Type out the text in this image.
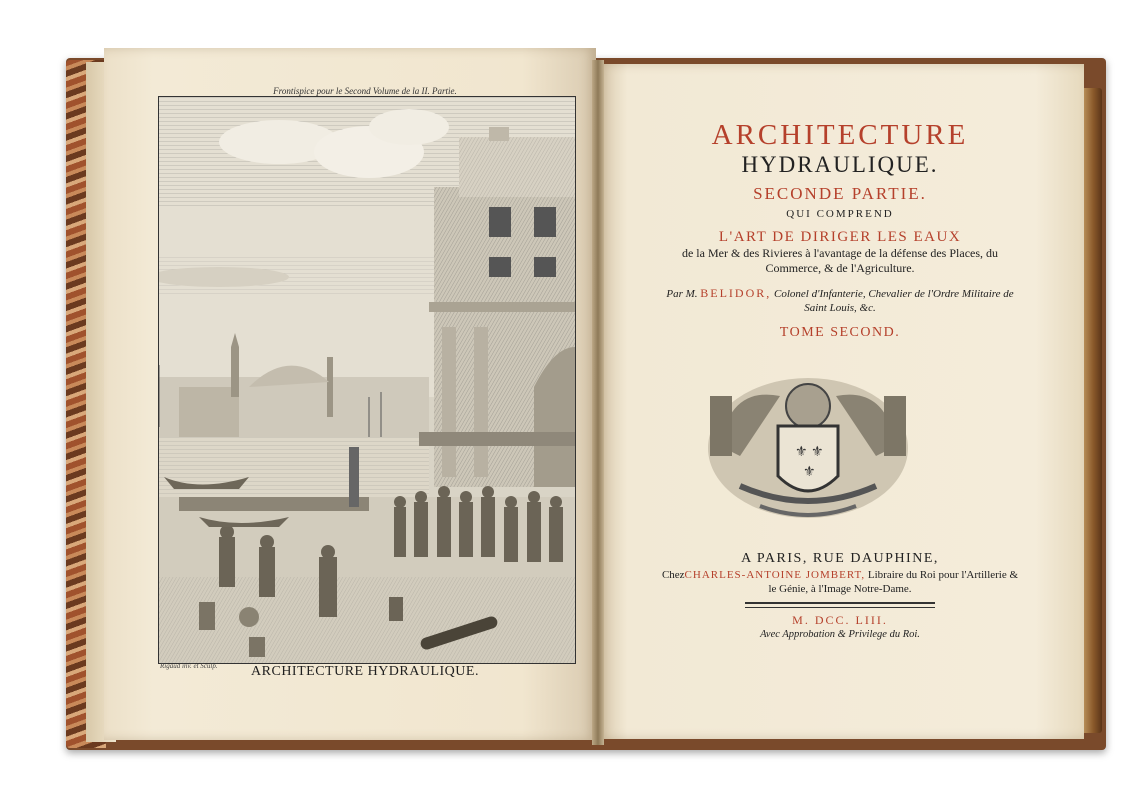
Frontispice pour le Second Volume de la II. Partie.
Rigaud inv. et Sculp.	ARCHITECTURE HYDRAULIQUE.
ARCHITECTURE
HYDRAULIQUE.
SECONDE PARTIE.
QUI COMPREND
L'ART DE DIRIGER LES EAUX
de la Mer & des Rivieres à l'avantage de la défense des Places, du Commerce, & de l'Agriculture.
Par M. BELIDOR, Colonel d'Infanterie, Chevalier de l'Ordre Militaire de Saint Louis, &c.
TOME SECOND.
⚜ ⚜
⚜
A PARIS, RUE DAUPHINE,
ChezCHARLES-ANTOINE JOMBERT, Libraire du Roi pour l'Artillerie & le Génie, à l'Image Notre-Dame.
M. DCC. LIII.
Avec Approbation & Privilege du Roi.
